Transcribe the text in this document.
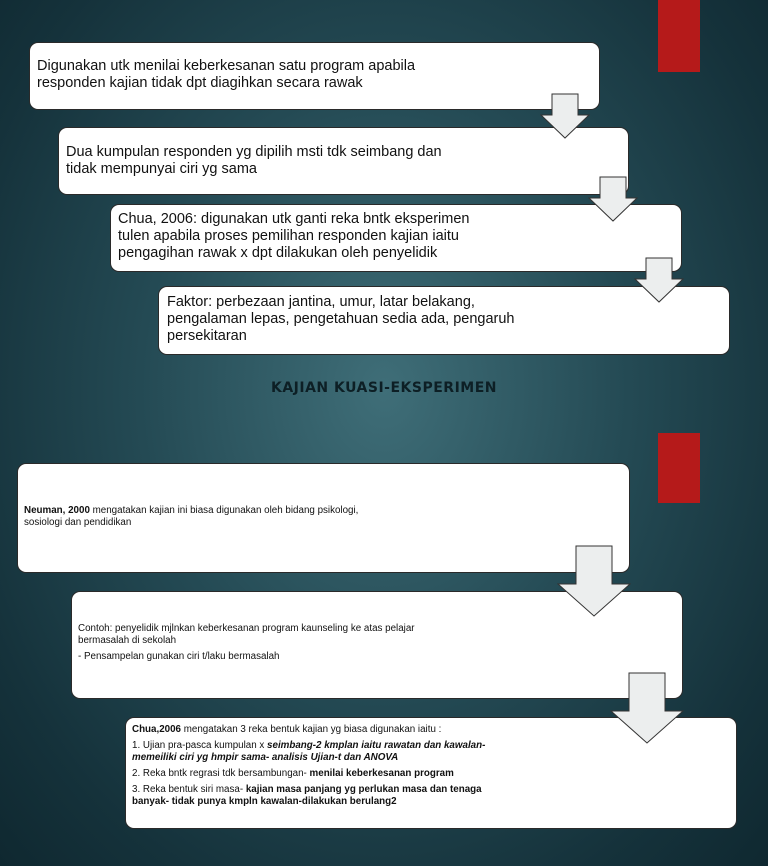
Digunakan utk menilai keberkesanan satu program apabila

responden kajian tidak dpt diagihkan secara rawak

Dua kumpulan responden yg dipilih msti tdk seimbang dan

tidak mempunyai ciri yg sama

Chua, 2006: digunakan utk ganti reka bntk eksperimen

tulen apabila proses pemilihan responden kajian iaitu

pengagihan rawak x dpt dilakukan oleh penyelidik

Faktor: perbezaan jantina, umur, latar belakang,

pengalaman lepas, pengetahuan sedia ada, pengaruh

persekitaran

KAJIAN KUASI-EKSPERIMEN

Neuman, 2000 mengatakan kajian ini biasa digunakan oleh bidang psikologi,

sosiologi dan pendidikan

Contoh: penyelidik mjlnkan keberkesanan program kaunseling ke atas pelajar

bermasalah di sekolah

- Pensampelan gunakan ciri t/laku bermasalah

Chua,2006 mengatakan 3 reka bentuk kajian yg biasa digunakan iaitu :

1. Ujian pra-pasca kumpulan x seimbang-2 kmplan iaitu rawatan dan kawalan-

memeiliki ciri yg hmpir sama- analisis Ujian-t dan ANOVA

2. Reka bntk regrasi tdk bersambungan- menilai keberkesanan program

3. Reka bentuk siri masa- kajian masa panjang yg perlukan masa dan tenaga

banyak- tidak punya kmpln kawalan-dilakukan berulang2
